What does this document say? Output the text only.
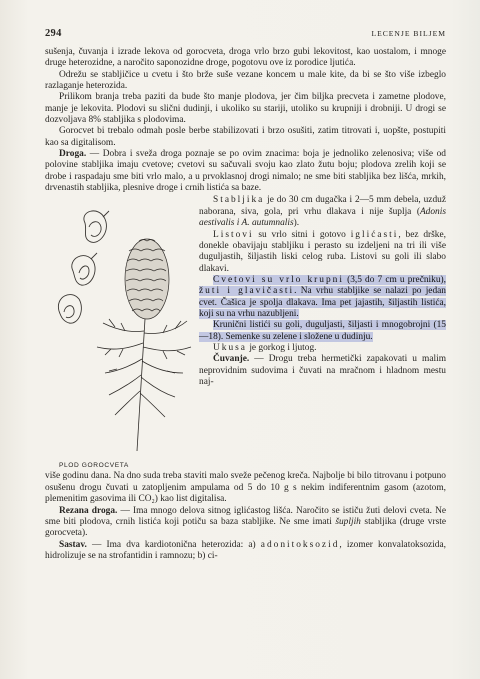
294	LECENJE BILJEM

sušenja, čuvanja i izrade lekova od gorocveta, droga vrlo brzo gubi lekovitost, kao uostalom, i mnoge druge heterozidne, a naročito saponozidne droge, pogotovu ove iz porodice ljutića.

Odrežu se stabljičice u cvetu i što brže suše vezane koncem u male kite, da bi se što više izbeglo razlaganje heterozida.

Prilikom branja treba paziti da bude što manje plodova, jer čim biljka precveta i zametne plodove, manje je lekovita. Plodovi su slični dudinji, i ukoliko su stariji, utoliko su krupniji i drobniji. U drogi se dozvoljava 8% stabljika s plodovima.

Gorocvet bi trebalo odmah posle berbe stabilizovati i brzo osušiti, zatim titrovati i, uopšte, postupiti kao sa digitalisom.

Droga. — Dobra i sveža droga poznaje se po ovim znacima: boja je jednoliko zelenosiva; više od polovine stabljika imaju cvetove; cvetovi su sačuvali svoju kao zlato žutu boju; plodova zrelih koji se drobe i raspadaju sme biti vrlo malo, a u prvoklasnoj drogi nimalo; ne sme biti stabljika bez lišća, mrkih, drvenastih stabljika, plesnive droge i crnih listića sa baze.

PLOD GOROCVETA

Stabljika je do 30 cm dugačka i 2—5 mm debela, uzduž naborana, siva, gola, pri vrhu dlakava i nije šupljа (Adonis aestivalis i A. autumnalis).

Listovi su vrlo sitni i gotovo iglićasti, bez drške, donekle obavijaju stabljiku i perasto su izdeljeni na tri ili više duguljastih, šiljastih liski celog ruba. Listovi su goli ili slabo dlakavi.

Cvetovi su vrlo krupni (3,5 do 7 cm u prečniku), žuti i glavičasti. Na vrhu stabljike se nalazi po jedan cvet. Čašica je spolja dlakava. Ima pet jajastih, šiljastih listića, koji su na vrhu nazubljeni.

Krunični listići su goli, duguljasti, šiljasti i mnogobrojni (15—18). Semenke su zelene i složene u dudinju.

Ukusa je gorkog i ljutog.

Čuvanje. — Drogu treba hermetički zapakovati u malim neprovidnim sudovima i čuvati na mračnom i hladnom mestu naj-

više godinu dana. Na dno suda treba staviti malo sveže pečenog kreča. Najbolje bi bilo titrovanu i potpuno osušenu drogu čuvati u zatopljenim ampulama od 5 do 10 g s nekim indiferentnim gasom (azotom, plemenitim gasovima ili CO₂) kao list digitalisa.

Rezana droga. — Ima mnogo delova sitnog iglićastog lišća. Naročito se ističu žuti delovi cveta. Ne sme biti plodova, crnih listića koji potiču sa baza stabljike. Ne sme imati šupljih stabljika (druge vrste gorocveta).

Sastav. — Ima dva kardiotonična heterozida: a) adonitoksozid, izomer konvalatoksozida, hidrolizuje se na strofantidin i ramnozu; b) ci-
